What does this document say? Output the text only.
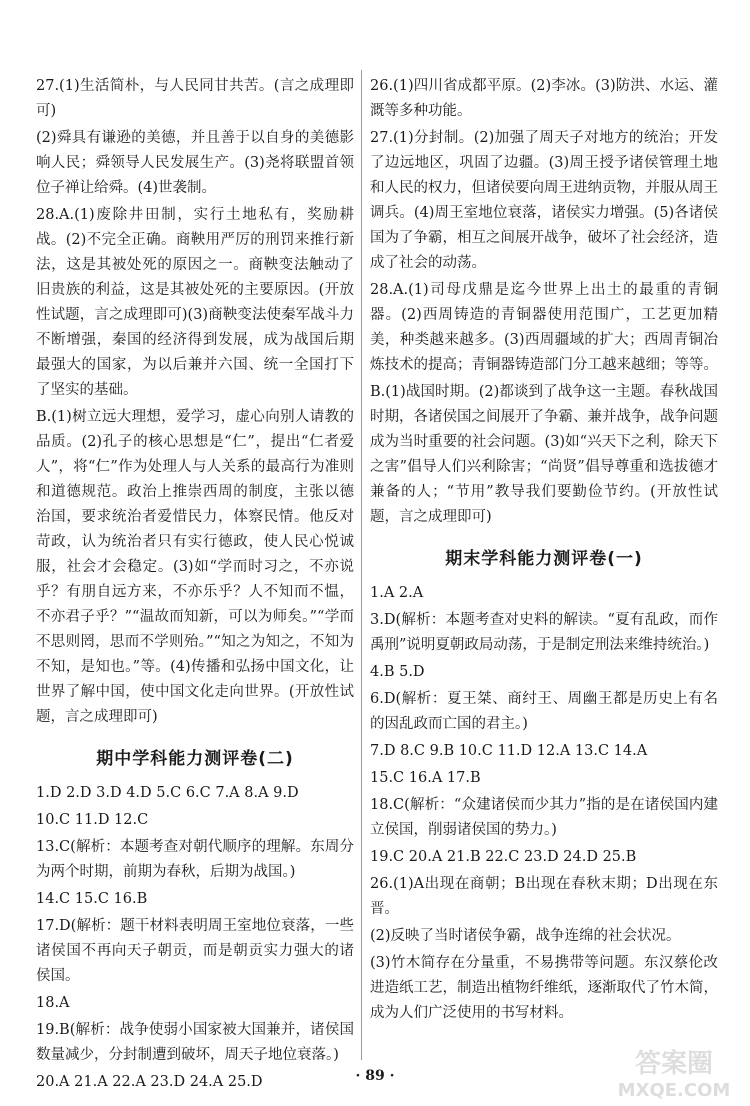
27.(1)生活简朴，与人民同甘共苦。(言之成理即可)

(2)舜具有谦逊的美德，并且善于以自身的美德影响人民；舜领导人民发展生产。(3)尧将联盟首领位子禅让给舜。(4)世袭制。

28.A.(1)废除井田制，实行土地私有，奖励耕战。(2)不完全正确。商鞅用严厉的刑罚来推行新法，这是其被处死的原因之一。商鞅变法触动了旧贵族的利益，这是其被处死的主要原因。(开放性试题，言之成理即可)(3)商鞅变法使秦军战斗力不断增强，秦国的经济得到发展，成为战国后期最强大的国家，为以后兼并六国、统一全国打下了坚实的基础。

B.(1)树立远大理想，爱学习，虚心向别人请教的品质。(2)孔子的核心思想是“仁”，提出“仁者爱人”，将“仁”作为处理人与人关系的最高行为准则和道德规范。政治上推崇西周的制度，主张以德治国，要求统治者爱惜民力，体察民情。他反对苛政，认为统治者只有实行德政，使人民心悦诚服，社会才会稳定。(3)如“学而时习之，不亦说乎？有朋自远方来，不亦乐乎？人不知而不愠，不亦君子乎？”“温故而知新，可以为师矣。”“学而不思则罔，思而不学则殆。”“知之为知之，不知为不知，是知也。”等。(4)传播和弘扬中国文化，让世界了解中国，使中国文化走向世界。(开放性试题，言之成理即可)

期中学科能力测评卷(二)

1.D 2.D 3.D 4.D 5.C 6.C 7.A 8.A 9.D

10.C 11.D 12.C

13.C(解析：本题考查对朝代顺序的理解。东周分为两个时期，前期为春秋，后期为战国。)

14.C 15.C 16.B

17.D(解析：题干材料表明周王室地位衰落，一些诸侯国不再向天子朝贡，而是朝贡实力强大的诸侯国。

18.A

19.B(解析：战争使弱小国家被大国兼并，诸侯国数量减少，分封制遭到破坏，周天子地位衰落。)

20.A 21.A 22.A 23.D 24.A 25.D

26.(1)四川省成都平原。(2)李冰。(3)防洪、水运、灌溉等多种功能。

27.(1)分封制。(2)加强了周天子对地方的统治；开发了边远地区，巩固了边疆。(3)周王授予诸侯管理土地和人民的权力，但诸侯要向周王进纳贡物，并服从周王调兵。(4)周王室地位衰落，诸侯实力增强。(5)各诸侯国为了争霸，相互之间展开战争，破坏了社会经济，造成了社会的动荡。

28.A.(1)司母戊鼎是迄今世界上出土的最重的青铜器。(2)西周铸造的青铜器使用范围广，工艺更加精美，种类越来越多。(3)西周疆域的扩大；西周青铜冶炼技术的提高；青铜器铸造部门分工越来越细；等等。

B.(1)战国时期。(2)都谈到了战争这一主题。春秋战国时期，各诸侯国之间展开了争霸、兼并战争，战争问题成为当时重要的社会问题。(3)如“兴天下之利，除天下之害”倡导人们兴利除害；“尚贤”倡导尊重和选拔德才兼备的人；“节用”教导我们要勤俭节约。(开放性试题，言之成理即可)

期末学科能力测评卷(一)

1.A 2.A

3.D(解析：本题考查对史料的解读。“夏有乱政，而作禹刑”说明夏朝政局动荡，于是制定刑法来维持统治。)

4.B 5.D

6.D(解析：夏王桀、商纣王、周幽王都是历史上有名的因乱政而亡国的君主。)

7.D 8.C 9.B 10.C 11.D 12.A 13.C 14.A

15.C 16.A 17.B

18.C(解析：“众建诸侯而少其力”指的是在诸侯国内建立侯国，削弱诸侯国的势力。)

19.C 20.A 21.B 22.C 23.D 24.D 25.B

26.(1)A出现在商朝；B出现在春秋末期；D出现在东晋。

(2)反映了当时诸侯争霸，战争连绵的社会状况。

(3)竹木简存在分量重，不易携带等问题。东汉蔡伦改进造纸工艺，制造出植物纤维纸，逐渐取代了竹木简，成为人们广泛使用的书写材料。

· 89 ·	答案圈
MXQE.COM
